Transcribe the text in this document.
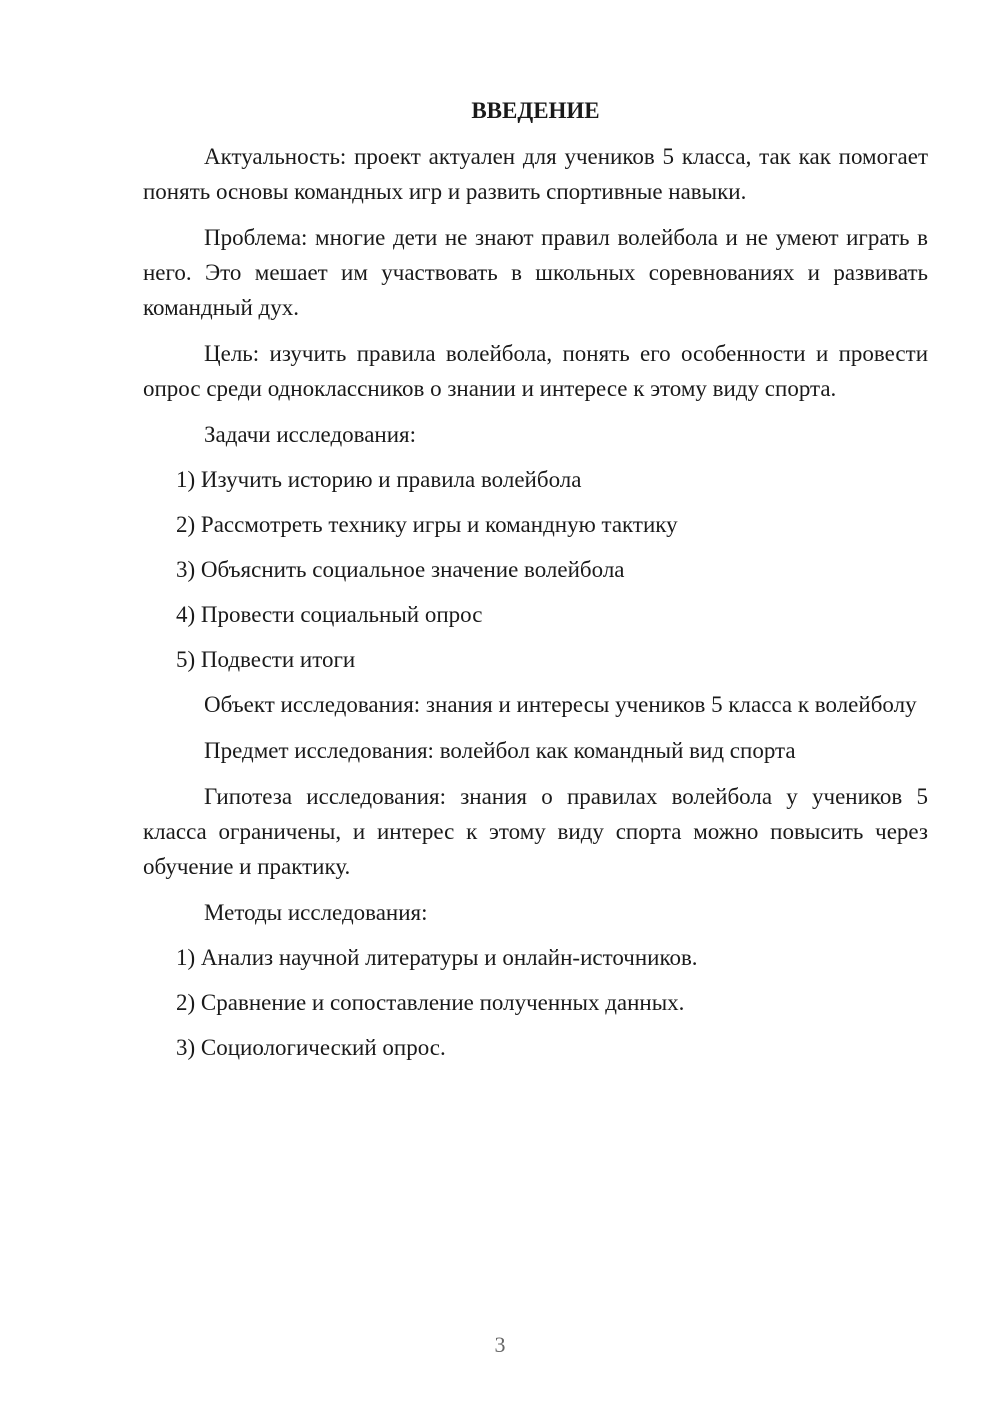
ВВЕДЕНИЕ

Актуальность: проект актуален для учеников 5 класса, так как помогает понять основы командных игр и развить спортивные навыки.

Проблема: многие дети не знают правил волейбола и не умеют играть в него. Это мешает им участвовать в школьных соревнованиях и развивать командный дух.

Цель: изучить правила волейбола, понять его особенности и провести опрос среди одноклассников о знании и интересе к этому виду спорта.

Задачи исследования:

1) Изучить историю и правила волейбола

2) Рассмотреть технику игры и командную тактику

3) Объяснить социальное значение волейбола

4) Провести социальный опрос

5) Подвести итоги

Объект исследования: знания и интересы учеников 5 класса к волейболу

Предмет исследования: волейбол как командный вид спорта

Гипотеза исследования: знания о правилах волейбола у учеников 5 класса ограничены, и интерес к этому виду спорта можно повысить через обучение и практику.

Методы исследования:

1) Анализ научной литературы и онлайн-источников.

2) Сравнение и сопоставление полученных данных.

3) Социологический опрос.

3
